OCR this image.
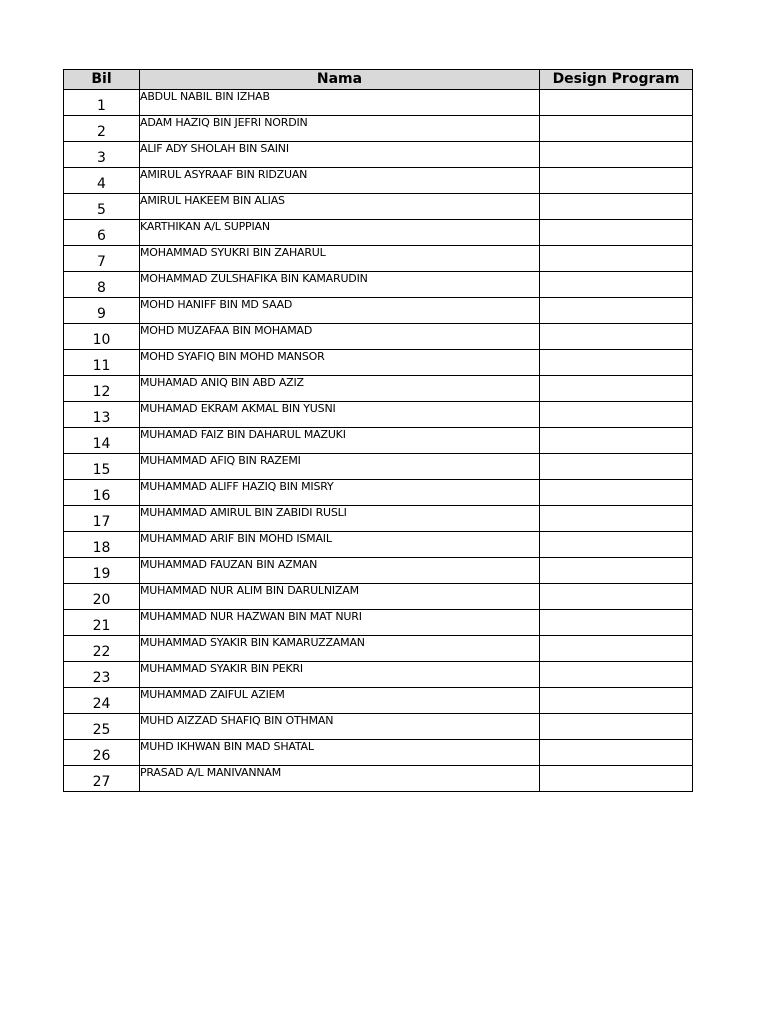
Bil	Nama	Design Program
1	ABDUL NABIL BIN IZHAB	
2	ADAM HAZIQ BIN JEFRI NORDIN	
3	ALIF ADY SHOLAH BIN SAINI	
4	AMIRUL ASYRAAF BIN RIDZUAN	
5	AMIRUL HAKEEM BIN ALIAS	
6	KARTHIKAN A/L SUPPIAN	
7	MOHAMMAD SYUKRI BIN ZAHARUL	
8	MOHAMMAD ZULSHAFIKA BIN KAMARUDIN	
9	MOHD HANIFF BIN MD SAAD	
10	MOHD MUZAFAA BIN MOHAMAD	
11	MOHD SYAFIQ BIN MOHD MANSOR	
12	MUHAMAD ANIQ BIN ABD AZIZ	
13	MUHAMAD EKRAM AKMAL BIN YUSNI	
14	MUHAMAD FAIZ BIN DAHARUL MAZUKI	
15	MUHAMMAD AFIQ BIN RAZEMI	
16	MUHAMMAD ALIFF HAZIQ BIN MISRY	
17	MUHAMMAD AMIRUL BIN ZABIDI RUSLI	
18	MUHAMMAD ARIF BIN MOHD ISMAIL	
19	MUHAMMAD FAUZAN BIN AZMAN	
20	MUHAMMAD NUR ALIM BIN DARULNIZAM	
21	MUHAMMAD NUR HAZWAN BIN MAT NURI	
22	MUHAMMAD SYAKIR BIN KAMARUZZAMAN	
23	MUHAMMAD SYAKIR BIN PEKRI	
24	MUHAMMAD ZAIFUL AZIEM	
25	MUHD AIZZAD SHAFIQ BIN OTHMAN	
26	MUHD IKHWAN BIN MAD SHATAL	
27	PRASAD A/L MANIVANNAM	
